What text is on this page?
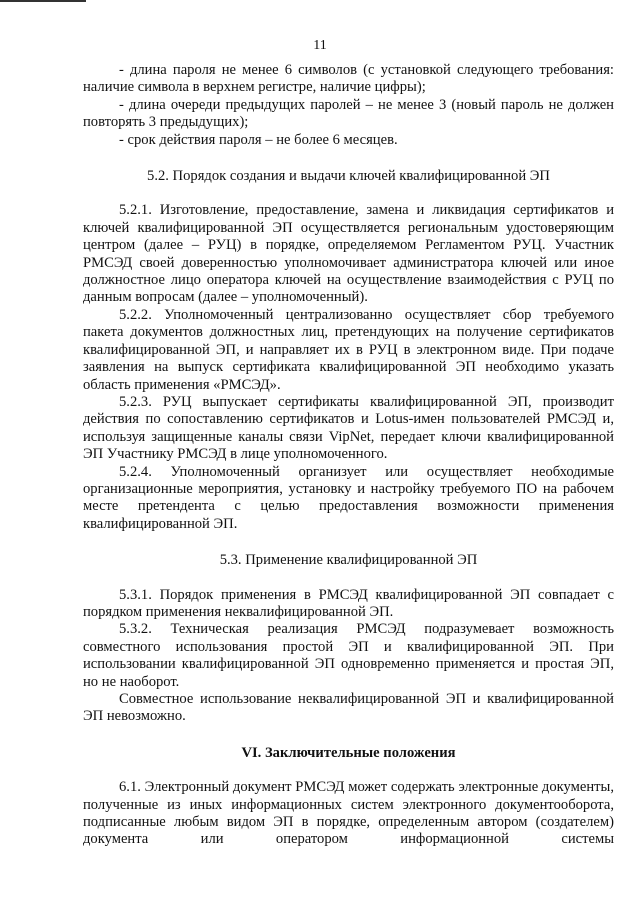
11

- длина пароля не менее 6 символов (с установкой следующего требования: наличие символа в верхнем регистре, наличие цифры);

- длина очереди предыдущих паролей – не менее 3 (новый пароль не должен повторять 3 предыдущих);

- срок действия пароля – не более 6 месяцев.

5.2. Порядок создания и выдачи ключей квалифицированной ЭП

5.2.1. Изготовление, предоставление, замена и ликвидация сертификатов и ключей квалифицированной ЭП осуществляется региональным удостоверяющим центром (далее – РУЦ) в порядке, определяемом Регламентом РУЦ. Участник РМСЭД своей доверенностью уполномочивает администратора ключей или иное должностное лицо оператора ключей на осуществление взаимодействия с РУЦ по данным вопросам (далее – уполномоченный).

5.2.2. Уполномоченный централизованно осуществляет сбор требуемого пакета документов должностных лиц, претендующих на получение сертификатов квалифицированной ЭП, и направляет их в РУЦ в электронном виде. При подаче заявления на выпуск сертификата квалифицированной ЭП необходимо указать область применения «РМСЭД».

5.2.3. РУЦ выпускает сертификаты квалифицированной ЭП, производит действия по сопоставлению сертификатов и Lotus-имен пользователей РМСЭД и, используя защищенные каналы связи VipNet, передает ключи квалифицированной ЭП Участнику РМСЭД в лице уполномоченного.

5.2.4. Уполномоченный организует или осуществляет необходимые организационные мероприятия, установку и настройку требуемого ПО на рабочем месте претендента с целью предоставления возможности применения квалифицированной ЭП.

5.3. Применение квалифицированной ЭП

5.3.1. Порядок применения в РМСЭД квалифицированной ЭП совпадает с порядком применения неквалифицированной ЭП.

5.3.2. Техническая реализация РМСЭД подразумевает возможность совместного использования простой ЭП и квалифицированной ЭП. При использовании квалифицированной ЭП одновременно применяется и простая ЭП, но не наоборот.

Совместное использование неквалифицированной ЭП и квалифицированной ЭП невозможно.

VI. Заключительные положения

6.1. Электронный документ РМСЭД может содержать электронные документы, полученные из иных информационных систем электронного документооборота, подписанные любым видом ЭП в порядке, определенным автором (создателем) документа или оператором информационной системы
